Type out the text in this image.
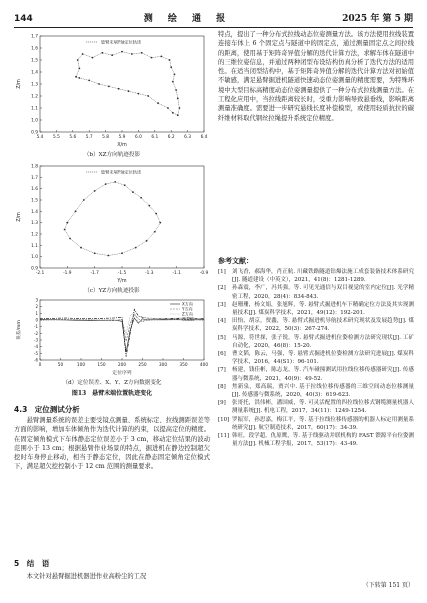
144	测 绘 通 报	2025 年 第 5 期
5.4 5.5 5.6 5.7 5.8 5.9 6.0 6.1 6.2 6.3 6.4
0.9
1.0
1.1
1.2
1.3
1.4
1.5
1.6
1.7
X/m
Z/m
悬臂末端Y轴定位轨迹
（b）XZ方向轨迹投影
-2.1	-1.9	-1.7	-1.5	-1.3	-1.1	-0.9
0.9
1.0
1.1
1.2
1.3
1.4
1.5
1.6
1.7
1.8
Y/m
Z/m
悬臂末端Y轴定位轨迹
（c）YZ方向轨迹投影
0	50	100	150	200	250	300	350	400
-6
-5
-4
-3
-2
-1
0
1
2
3
定位序列
误差/mm
X方向
Y方向
Z方向
误差值
（d）定位误差、X、Y、Z方向数据变化
图13　悬臂末端位置轨迹变化
4.3　定位测试分析

悬臂测量系统的误差主要受镜点测量、系统标定、拉线测距误差等方面的影响，增加车体倾角作为迭代计算的约束，以提高定位的精度。在固定倾角模式下车体静态定位误差小于 3 cm，移动定位结果的波动范围小于 13 cm；根据悬臂作业场景的特点，掘进机在静边控制超欠挖时车身停止移动，相当于静态定位，因此在静态固定倾角定位模式下，满足超欠挖控制小于 12 cm 范围的测量要求。

5　结　语

本文针对悬臂掘进机器进作业高粉尘的工况

特点，提出了一种分布式拉线动态位姿测量方法。该方法使用拉线装置连接车体上 6 个固定点与隧道中的固定点，通过测量固定点之间拉线的距离，使用基于矩阵奇异值分解的迭代计算方法，求解车体在隧道中的三维位姿信息，并通过两种闭型布设结构仿真分析了迭代方法的适用性。在适当闭型结构中，基于矩阵奇异值分解的迭代计算方法对初始值不敏感，满足悬臂掘进机隧道快速动态位姿测量的精度需要，为特殊环境中大型目标高精度动态位姿测量提供了一种分布式拉线测量方法。在工程化应用中，当拉线距离较长时，受重力影响导致悬垂线，影响距离测量准确度。需要进一步研究悬线长度补偿模型，或使用轻质抗拉的碳纤维材料取代钢丝拉绳提升系统定位精度。

参考文献：
[1]	刘飞香，郝海华，肖正航. 川藏铁路隧道钻爆法施工成套装备技术体系研究[J]. 隧道建设（中英文），2021，41(8)：1281-1289.
[2]	孙森震，李广，冯其强，等. 可见光通信与双目视觉的室内定位[J]. 光学精密工程，2020，28(4)：834-843.
[3]	赵珊珊，杨文娟，张旭辉，等. 悬臂式掘进机车下精确定位方法及其实现测量技术[J]. 煤炭科学技术，2021，49(12)：192-201.
[4]	田怡，胡京，贾鑫，等. 悬臂式掘进机导航技术研究现状及发展趋势[J]. 煤炭科学技术，2022，50(3)：267-274.
[5]	马源，符世探，张子锐，等. 悬臂式掘进机位姿检测方法研究现状[J]. 工矿自动化，2020，46(8)：15-20.
[6]	曹文韬，陈云，马强，等. 悬臂式掘进机位姿检测方法研究进展[J]. 煤炭科学技术，2016，44(S1)：96-101.
[7]	杨建，钱佳彬，陈志龙，等. 汽车碰撞测试用拉线位移传感器研究[J]. 传感器与微系统，2021，40(9)：49-52.
[8]	焦新泉，郑高瑞，贾兴中. 基于拉线位移传感器的三维空间动态位移测量[J]. 传感器与微系统，2020，40(3)：619-623.
[9]	张哥托，洪伟彬，潘国威，等. 可灵活配置的四拉线位移式钢缆测量机器人测量系统[J]. 机电工程，2017，34(11)：1249-1254.
[10] 罗振军，孙思嘉，梅江平，等. 基于拉线位移传感器的机器人标定用测量系统研究[J]. 航空制造技术，2017，60(17)：34-39.
[11] 韩旺，段学超，仇原鹰，等. 基于线驱动并联机构的 FAST 馈源平台位姿测量方法[J]. 机械工程学报，2017，53(17)：43-49.
（下转第 151 页）
